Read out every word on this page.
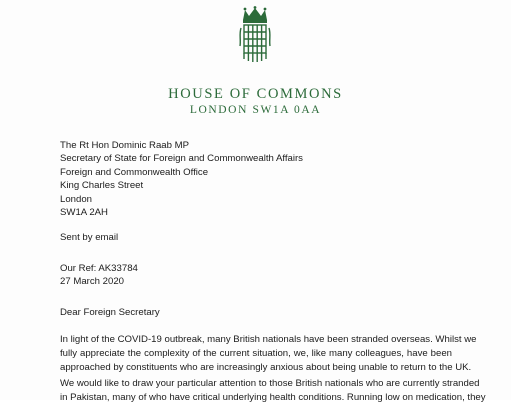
HOUSE OF COMMONS
LONDON SW1A 0AA
The Rt Hon Dominic Raab MP
Secretary of State for Foreign and Commonwealth Affairs
Foreign and Commonwealth Office
King Charles Street
London
SW1A 2AH
Sent by email
Our Ref: AK33784
27 March 2020
Dear Foreign Secretary
In light of the COVID-19 outbreak, many British nationals have been stranded overseas. Whilst we
fully appreciate the complexity of the current situation, we, like many colleagues, have been
approached by constituents who are increasingly anxious about being unable to return to the UK.
We would like to draw your particular attention to those British nationals who are currently stranded
in Pakistan, many of who have critical underlying health conditions. Running low on medication, they
